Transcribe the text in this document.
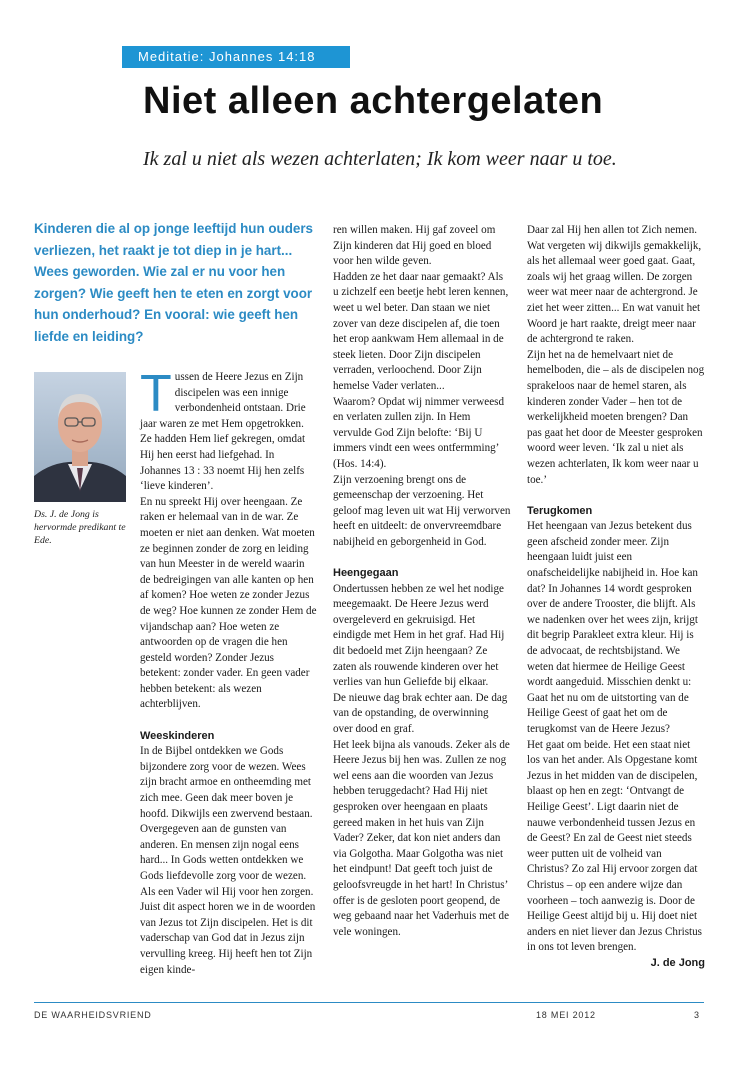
Meditatie: Johannes 14:18
Niet alleen achtergelaten

Ik zal u niet als wezen achterlaten; Ik kom weer naar u toe.

Kinderen die al op jonge leeftijd hun ouders verliezen, het raakt je tot diep in je hart... Wees geworden. Wie zal er nu voor hen zorgen? Wie geeft hen te eten en zorgt voor hun onderhoud? En vooral: wie geeft hen liefde en leiding?

Ds. J. de Jong is hervormde predikant te Ede.

Tussen de Heere Jezus en Zijn discipelen was een innige verbondenheid ontstaan. Drie jaar waren ze met Hem opgetrokken. Ze hadden Hem lief gekregen, omdat Hij hen eerst had liefgehad. In Johannes 13 : 33 noemt Hij hen zelfs ‘lieve kinderen’.

En nu spreekt Hij over heengaan. Ze raken er helemaal van in de war. Ze moeten er niet aan denken. Wat moeten ze beginnen zonder de zorg en leiding van hun Meester in de wereld waarin de bedreigingen van alle kanten op hen af komen? Hoe weten ze zonder Jezus de weg? Hoe kunnen ze zonder Hem de vijandschap aan? Hoe weten ze antwoorden op de vragen die hen gesteld worden? Zonder Jezus betekent: zonder vader. En geen vader hebben betekent: als wezen achterblijven.

Weeskinderen

In de Bijbel ontdekken we Gods bijzondere zorg voor de wezen. Wees zijn bracht armoe en ontheemding met zich mee. Geen dak meer boven je hoofd. Dikwijls een zwervend bestaan. Overgegeven aan de gunsten van anderen. En mensen zijn nogal eens hard... In Gods wetten ontdekken we Gods liefdevolle zorg voor de wezen. Als een Vader wil Hij voor hen zorgen. Juist dit aspect horen we in de woorden van Jezus tot Zijn discipelen. Het is dit vaderschap van God dat in Jezus zijn vervulling kreeg. Hij heeft hen tot Zijn eigen kinde-

ren willen maken. Hij gaf zoveel om Zijn kinderen dat Hij goed en bloed voor hen wilde geven.

Hadden ze het daar naar gemaakt? Als u zichzelf een beetje hebt leren kennen, weet u wel beter. Dan staan we niet zover van deze discipelen af, die toen het erop aankwam Hem allemaal in de steek lieten. Door Zijn discipelen verraden, verloochend. Door Zijn hemelse Vader verlaten...

Waarom? Opdat wij nimmer verweesd en verlaten zullen zijn. In Hem vervulde God Zijn belofte: ‘Bij U immers vindt een wees ontfermming’ (Hos. 14:4).

Zijn verzoening brengt ons de gemeenschap der verzoening. Het geloof mag leven uit wat Hij verworven heeft en uitdeelt: de onvervreemdbare nabijheid en geborgenheid in God.

Heengegaan

Ondertussen hebben ze wel het nodige meegemaakt. De Heere Jezus werd overgeleverd en gekruisigd. Het eindigde met Hem in het graf. Had Hij dit bedoeld met Zijn heengaan? Ze zaten als rouwende kinderen over het verlies van hun Geliefde bij elkaar.

De nieuwe dag brak echter aan. De dag van de opstanding, de overwinning over dood en graf.

Het leek bijna als vanouds. Zeker als de Heere Jezus bij hen was. Zullen ze nog wel eens aan die woorden van Jezus hebben teruggedacht? Had Hij niet gesproken over heengaan en plaats gereed maken in het huis van Zijn Vader? Zeker, dat kon niet anders dan via Golgotha. Maar Golgotha was niet het eindpunt! Dat geeft toch juist de geloofsvreugde in het hart! In Christus’ offer is de gesloten poort geopend, de weg gebaand naar het Vaderhuis met de vele woningen.

Daar zal Hij hen allen tot Zich nemen. Wat vergeten wij dikwijls gemakkelijk, als het allemaal weer goed gaat. Gaat, zoals wij het graag willen. De zorgen weer wat meer naar de achtergrond. Je ziet het weer zitten... En wat vanuit het Woord je hart raakte, dreigt meer naar de achtergrond te raken.

Zijn het na de hemelvaart niet de hemelboden, die – als de discipelen nog sprakeloos naar de hemel staren, als kinderen zonder Vader – hen tot de werkelijkheid moeten brengen? Dan pas gaat het door de Meester gesproken woord weer leven. ‘Ik zal u niet als wezen achterlaten, Ik kom weer naar u toe.’

Terugkomen

Het heengaan van Jezus betekent dus geen afscheid zonder meer. Zijn heengaan luidt juist een onafscheidelijke nabijheid in. Hoe kan dat? In Johannes 14 wordt gesproken over de andere Trooster, die blijft. Als we nadenken over het wees zijn, krijgt dit begrip Parakleet extra kleur. Hij is de advocaat, de rechtsbijstand. We weten dat hiermee de Heilige Geest wordt aangeduid. Misschien denkt u: Gaat het nu om de uitstorting van de Heilige Geest of gaat het om de terugkomst van de Heere Jezus?

Het gaat om beide. Het een staat niet los van het ander. Als Opgestane komt Jezus in het midden van de discipelen, blaast op hen en zegt: ‘Ontvangt de Heilige Geest’. Ligt daarin niet de nauwe verbondenheid tussen Jezus en de Geest? En zal de Geest niet steeds weer putten uit de volheid van Christus? Zo zal Hij ervoor zorgen dat Christus – op een andere wijze dan voorheen – toch aanwezig is. Door de Heilige Geest altijd bij u. Hij doet niet anders en niet liever dan Jezus Christus in ons tot leven brengen.

J. de Jong

DE WAARHEIDSVRIEND	18 MEI 2012	3
